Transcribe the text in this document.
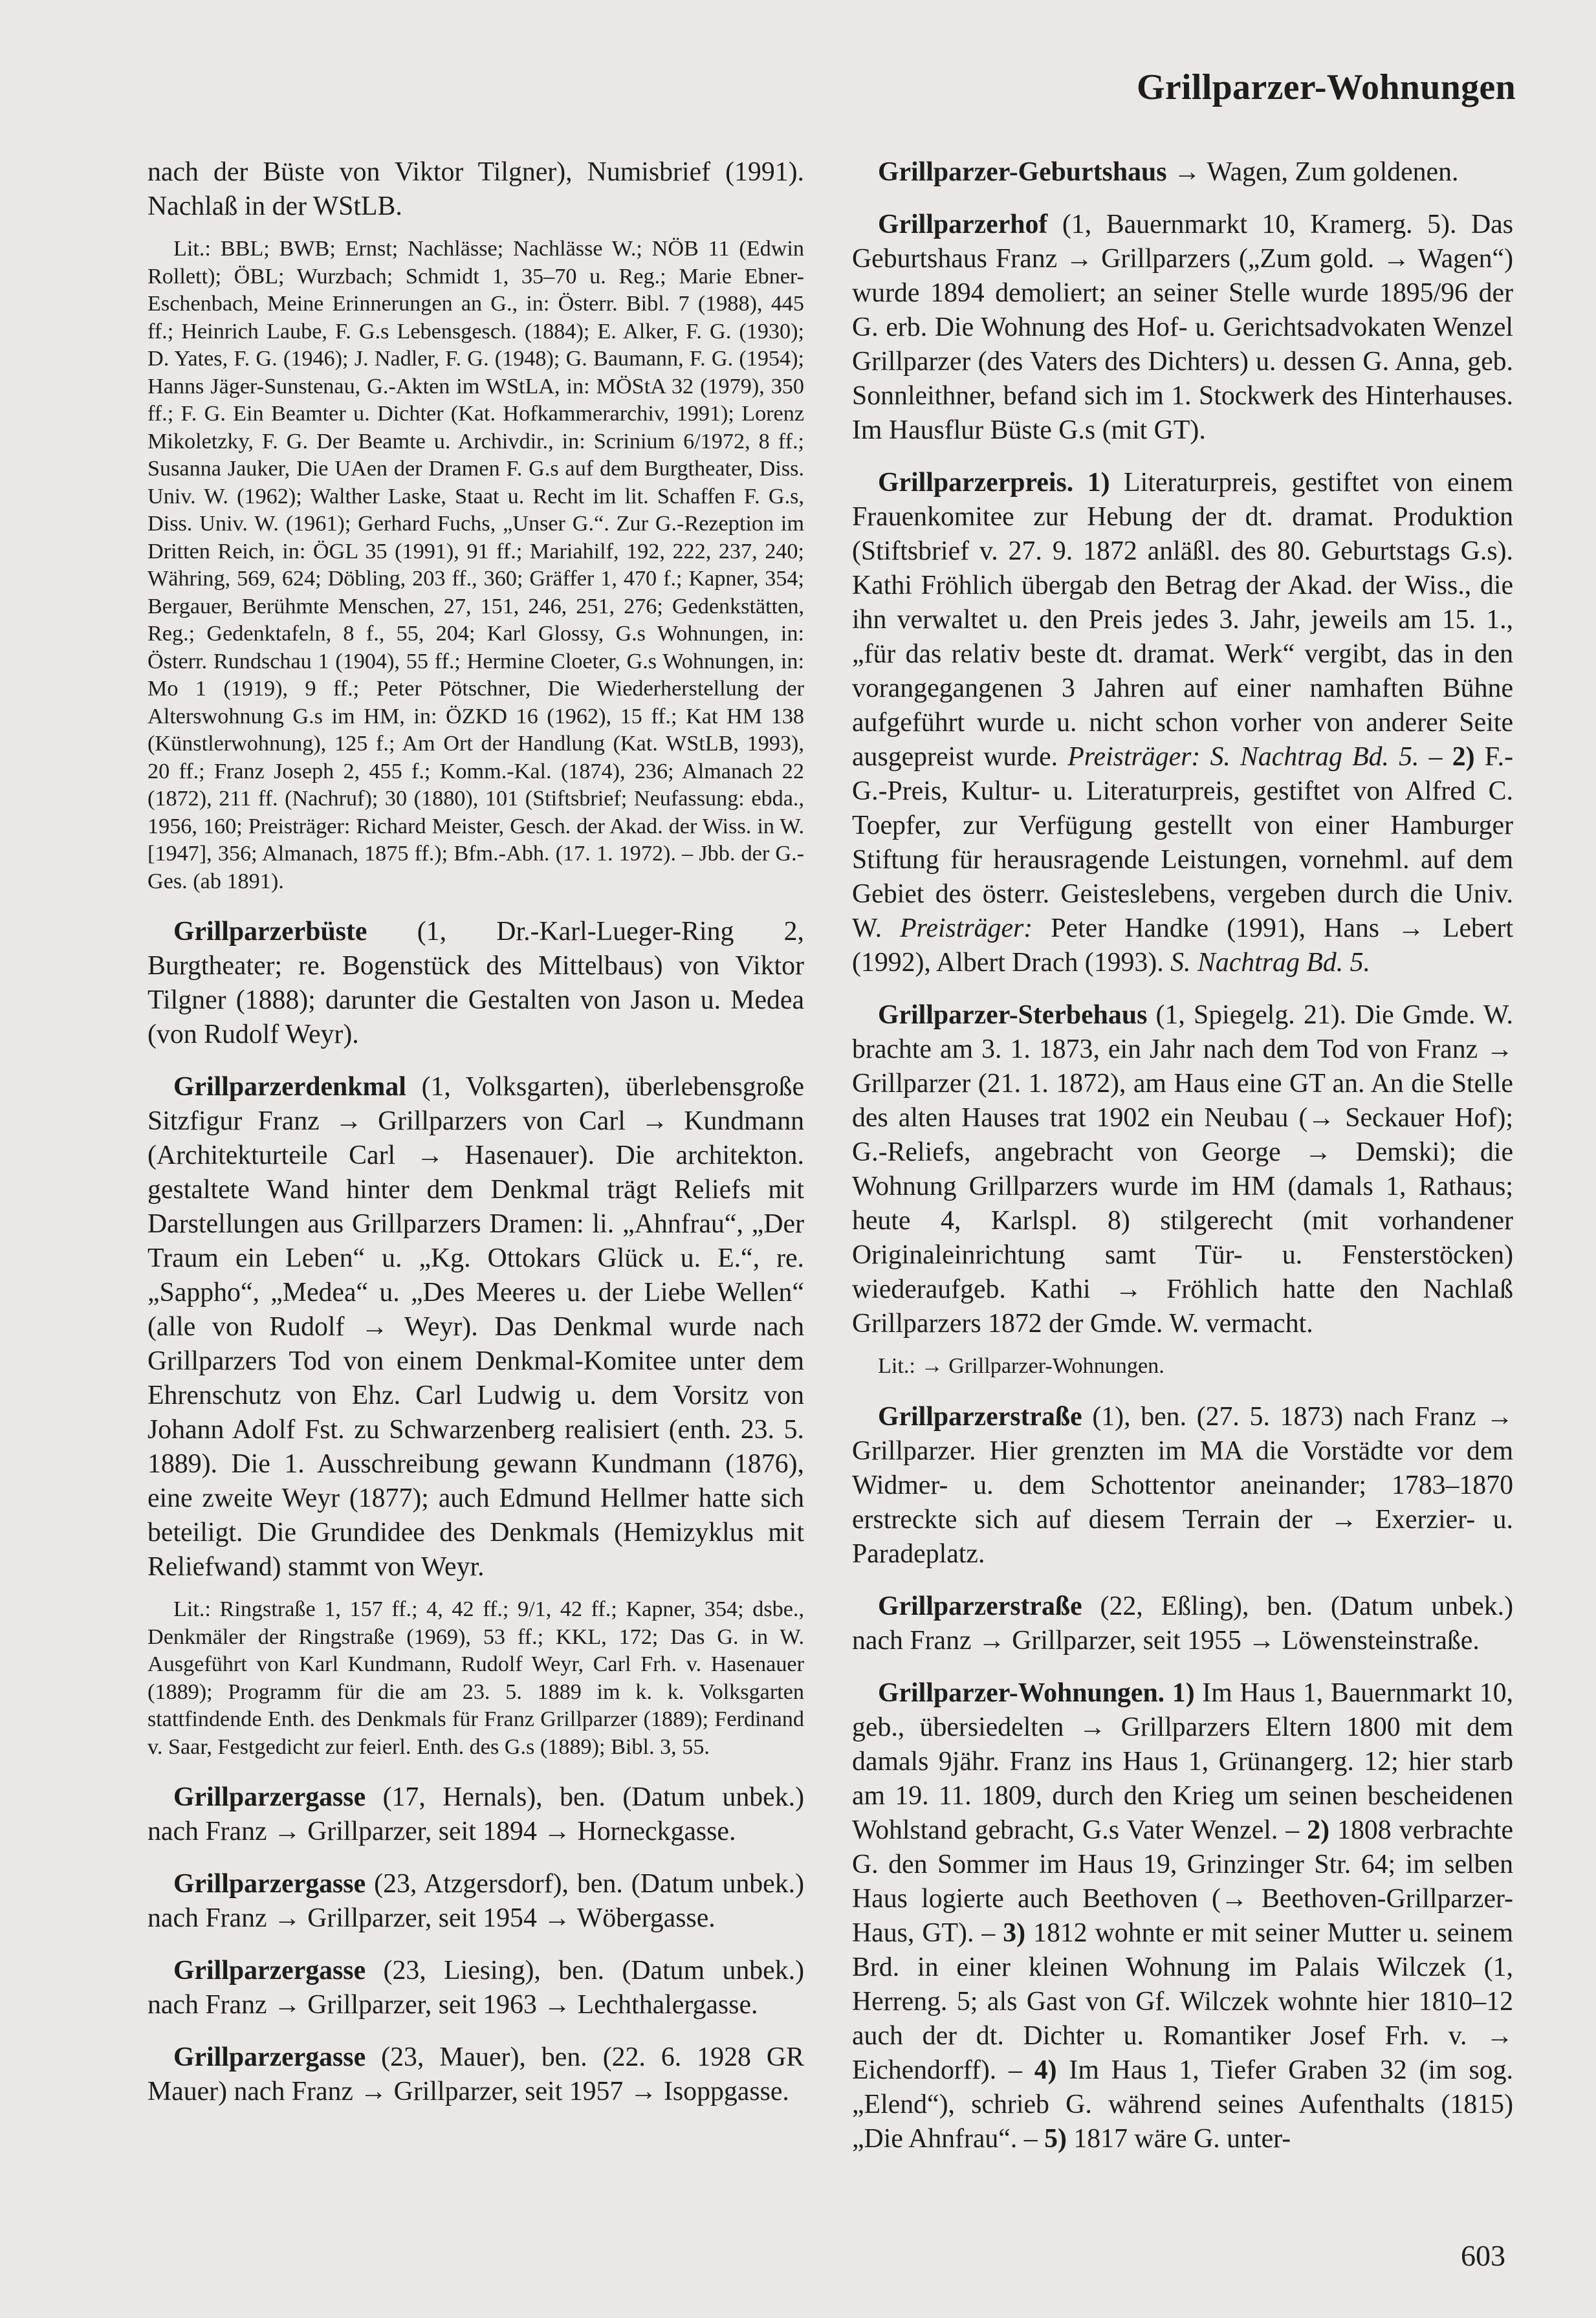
Grillparzer-Wohnungen

nach der Büste von Viktor Tilgner), Numisbrief (1991). Nachlaß in der WStLB.

Lit.: BBL; BWB; Ernst; Nachlässe; Nachlässe W.; NÖB 11 (Edwin Rollett); ÖBL; Wurzbach; Schmidt 1, 35–70 u. Reg.; Marie Ebner-Eschenbach, Meine Erinnerungen an G., in: Österr. Bibl. 7 (1988), 445 ff.; Heinrich Laube, F. G.s Lebensgesch. (1884); E. Alker, F. G. (1930); D. Yates, F. G. (1946); J. Nadler, F. G. (1948); G. Baumann, F. G. (1954); Hanns Jäger-Sunstenau, G.-Akten im WStLA, in: MÖStA 32 (1979), 350 ff.; F. G. Ein Beamter u. Dichter (Kat. Hofkammerarchiv, 1991); Lorenz Mikoletzky, F. G. Der Beamte u. Archivdir., in: Scrinium 6/1972, 8 ff.; Susanna Jauker, Die UAen der Dramen F. G.s auf dem Burgtheater, Diss. Univ. W. (1962); Walther Laske, Staat u. Recht im lit. Schaffen F. G.s, Diss. Univ. W. (1961); Gerhard Fuchs, „Unser G.“. Zur G.-Rezeption im Dritten Reich, in: ÖGL 35 (1991), 91 ff.; Mariahilf, 192, 222, 237, 240; Währing, 569, 624; Döbling, 203 ff., 360; Gräffer 1, 470 f.; Kapner, 354; Bergauer, Berühmte Menschen, 27, 151, 246, 251, 276; Gedenkstätten, Reg.; Gedenktafeln, 8 f., 55, 204; Karl Glossy, G.s Wohnungen, in: Österr. Rundschau 1 (1904), 55 ff.; Hermine Cloeter, G.s Wohnungen, in: Mo 1 (1919), 9 ff.; Peter Pötschner, Die Wiederherstellung der Alterswohnung G.s im HM, in: ÖZKD 16 (1962), 15 ff.; Kat HM 138 (Künstlerwohnung), 125 f.; Am Ort der Handlung (Kat. WStLB, 1993), 20 ff.; Franz Joseph 2, 455 f.; Komm.-Kal. (1874), 236; Almanach 22 (1872), 211 ff. (Nachruf); 30 (1880), 101 (Stiftsbrief; Neufassung: ebda., 1956, 160; Preisträger: Richard Meister, Gesch. der Akad. der Wiss. in W. [1947], 356; Almanach, 1875 ff.); Bfm.-Abh. (17. 1. 1972). – Jbb. der G.-Ges. (ab 1891).

Grillparzerbüste (1, Dr.-Karl-Lueger-Ring 2, Burgtheater; re. Bogenstück des Mittelbaus) von Viktor Tilgner (1888); darunter die Gestalten von Jason u. Medea (von Rudolf Weyr).

Grillparzerdenkmal (1, Volksgarten), überlebensgroße Sitzfigur Franz → Grillparzers von Carl → Kundmann (Architekturteile Carl → Hasenauer). Die architekton. gestaltete Wand hinter dem Denkmal trägt Reliefs mit Darstellungen aus Grillparzers Dramen: li. „Ahnfrau“, „Der Traum ein Leben“ u. „Kg. Ottokars Glück u. E.“, re. „Sappho“, „Medea“ u. „Des Meeres u. der Liebe Wellen“ (alle von Rudolf → Weyr). Das Denkmal wurde nach Grillparzers Tod von einem Denkmal-Komitee unter dem Ehrenschutz von Ehz. Carl Ludwig u. dem Vorsitz von Johann Adolf Fst. zu Schwarzenberg realisiert (enth. 23. 5. 1889). Die 1. Ausschreibung gewann Kundmann (1876), eine zweite Weyr (1877); auch Edmund Hellmer hatte sich beteiligt. Die Grundidee des Denkmals (Hemizyklus mit Reliefwand) stammt von Weyr.

Lit.: Ringstraße 1, 157 ff.; 4, 42 ff.; 9/1, 42 ff.; Kapner, 354; dsbe., Denkmäler der Ringstraße (1969), 53 ff.; KKL, 172; Das G. in W. Ausgeführt von Karl Kundmann, Rudolf Weyr, Carl Frh. v. Hasenauer (1889); Programm für die am 23. 5. 1889 im k. k. Volksgarten stattfindende Enth. des Denkmals für Franz Grillparzer (1889); Ferdinand v. Saar, Festgedicht zur feierl. Enth. des G.s (1889); Bibl. 3, 55.

Grillparzergasse (17, Hernals), ben. (Datum unbek.) nach Franz → Grillparzer, seit 1894 → Horneckgasse.

Grillparzergasse (23, Atzgersdorf), ben. (Datum unbek.) nach Franz → Grillparzer, seit 1954 → Wöbergasse.

Grillparzergasse (23, Liesing), ben. (Datum unbek.) nach Franz → Grillparzer, seit 1963 → Lechthalergasse.

Grillparzergasse (23, Mauer), ben. (22. 6. 1928 GR Mauer) nach Franz → Grillparzer, seit 1957 → Isoppgasse.

Grillparzer-Geburtshaus → Wagen, Zum goldenen.

Grillparzerhof (1, Bauernmarkt 10, Kramerg. 5). Das Geburtshaus Franz → Grillparzers („Zum gold. → Wagen“) wurde 1894 demoliert; an seiner Stelle wurde 1895/96 der G. erb. Die Wohnung des Hof- u. Gerichtsadvokaten Wenzel Grillparzer (des Vaters des Dichters) u. dessen G. Anna, geb. Sonnleithner, befand sich im 1. Stockwerk des Hinterhauses. Im Hausflur Büste G.s (mit GT).

Grillparzerpreis. 1) Literaturpreis, gestiftet von einem Frauenkomitee zur Hebung der dt. dramat. Produktion (Stiftsbrief v. 27. 9. 1872 anläßl. des 80. Geburtstags G.s). Kathi Fröhlich übergab den Betrag der Akad. der Wiss., die ihn verwaltet u. den Preis jedes 3. Jahr, jeweils am 15. 1., „für das relativ beste dt. dramat. Werk“ vergibt, das in den vorangegangenen 3 Jahren auf einer namhaften Bühne aufgeführt wurde u. nicht schon vorher von anderer Seite ausgepreist wurde. Preisträger: S. Nachtrag Bd. 5. – 2) F.-G.-Preis, Kultur- u. Literaturpreis, gestiftet von Alfred C. Toepfer, zur Verfügung gestellt von einer Hamburger Stiftung für herausragende Leistungen, vornehml. auf dem Gebiet des österr. Geisteslebens, vergeben durch die Univ. W. Preisträger: Peter Handke (1991), Hans → Lebert (1992), Albert Drach (1993). S. Nachtrag Bd. 5.

Grillparzer-Sterbehaus (1, Spiegelg. 21). Die Gmde. W. brachte am 3. 1. 1873, ein Jahr nach dem Tod von Franz → Grillparzer (21. 1. 1872), am Haus eine GT an. An die Stelle des alten Hauses trat 1902 ein Neubau (→ Seckauer Hof); G.-Reliefs, angebracht von George → Demski); die Wohnung Grillparzers wurde im HM (damals 1, Rathaus; heute 4, Karlspl. 8) stilgerecht (mit vorhandener Originaleinrichtung samt Tür- u. Fensterstöcken) wiederaufgeb. Kathi → Fröhlich hatte den Nachlaß Grillparzers 1872 der Gmde. W. vermacht.

Lit.: → Grillparzer-Wohnungen.

Grillparzerstraße (1), ben. (27. 5. 1873) nach Franz → Grillparzer. Hier grenzten im MA die Vorstädte vor dem Widmer- u. dem Schottentor aneinander; 1783–1870 erstreckte sich auf diesem Terrain der → Exerzier- u. Paradeplatz.

Grillparzerstraße (22, Eßling), ben. (Datum unbek.) nach Franz → Grillparzer, seit 1955 → Löwensteinstraße.

Grillparzer-Wohnungen. 1) Im Haus 1, Bauernmarkt 10, geb., übersiedelten → Grillparzers Eltern 1800 mit dem damals 9jähr. Franz ins Haus 1, Grünangerg. 12; hier starb am 19. 11. 1809, durch den Krieg um seinen bescheidenen Wohlstand gebracht, G.s Vater Wenzel. – 2) 1808 verbrachte G. den Sommer im Haus 19, Grinzinger Str. 64; im selben Haus logierte auch Beethoven (→ Beethoven-Grillparzer-Haus, GT). – 3) 1812 wohnte er mit seiner Mutter u. seinem Brd. in einer kleinen Wohnung im Palais Wilczek (1, Herreng. 5; als Gast von Gf. Wilczek wohnte hier 1810–12 auch der dt. Dichter u. Romantiker Josef Frh. v. → Eichendorff). – 4) Im Haus 1, Tiefer Graben 32 (im sog. „Elend“), schrieb G. während seines Aufenthalts (1815) „Die Ahnfrau“. – 5) 1817 wäre G. unter-

603
